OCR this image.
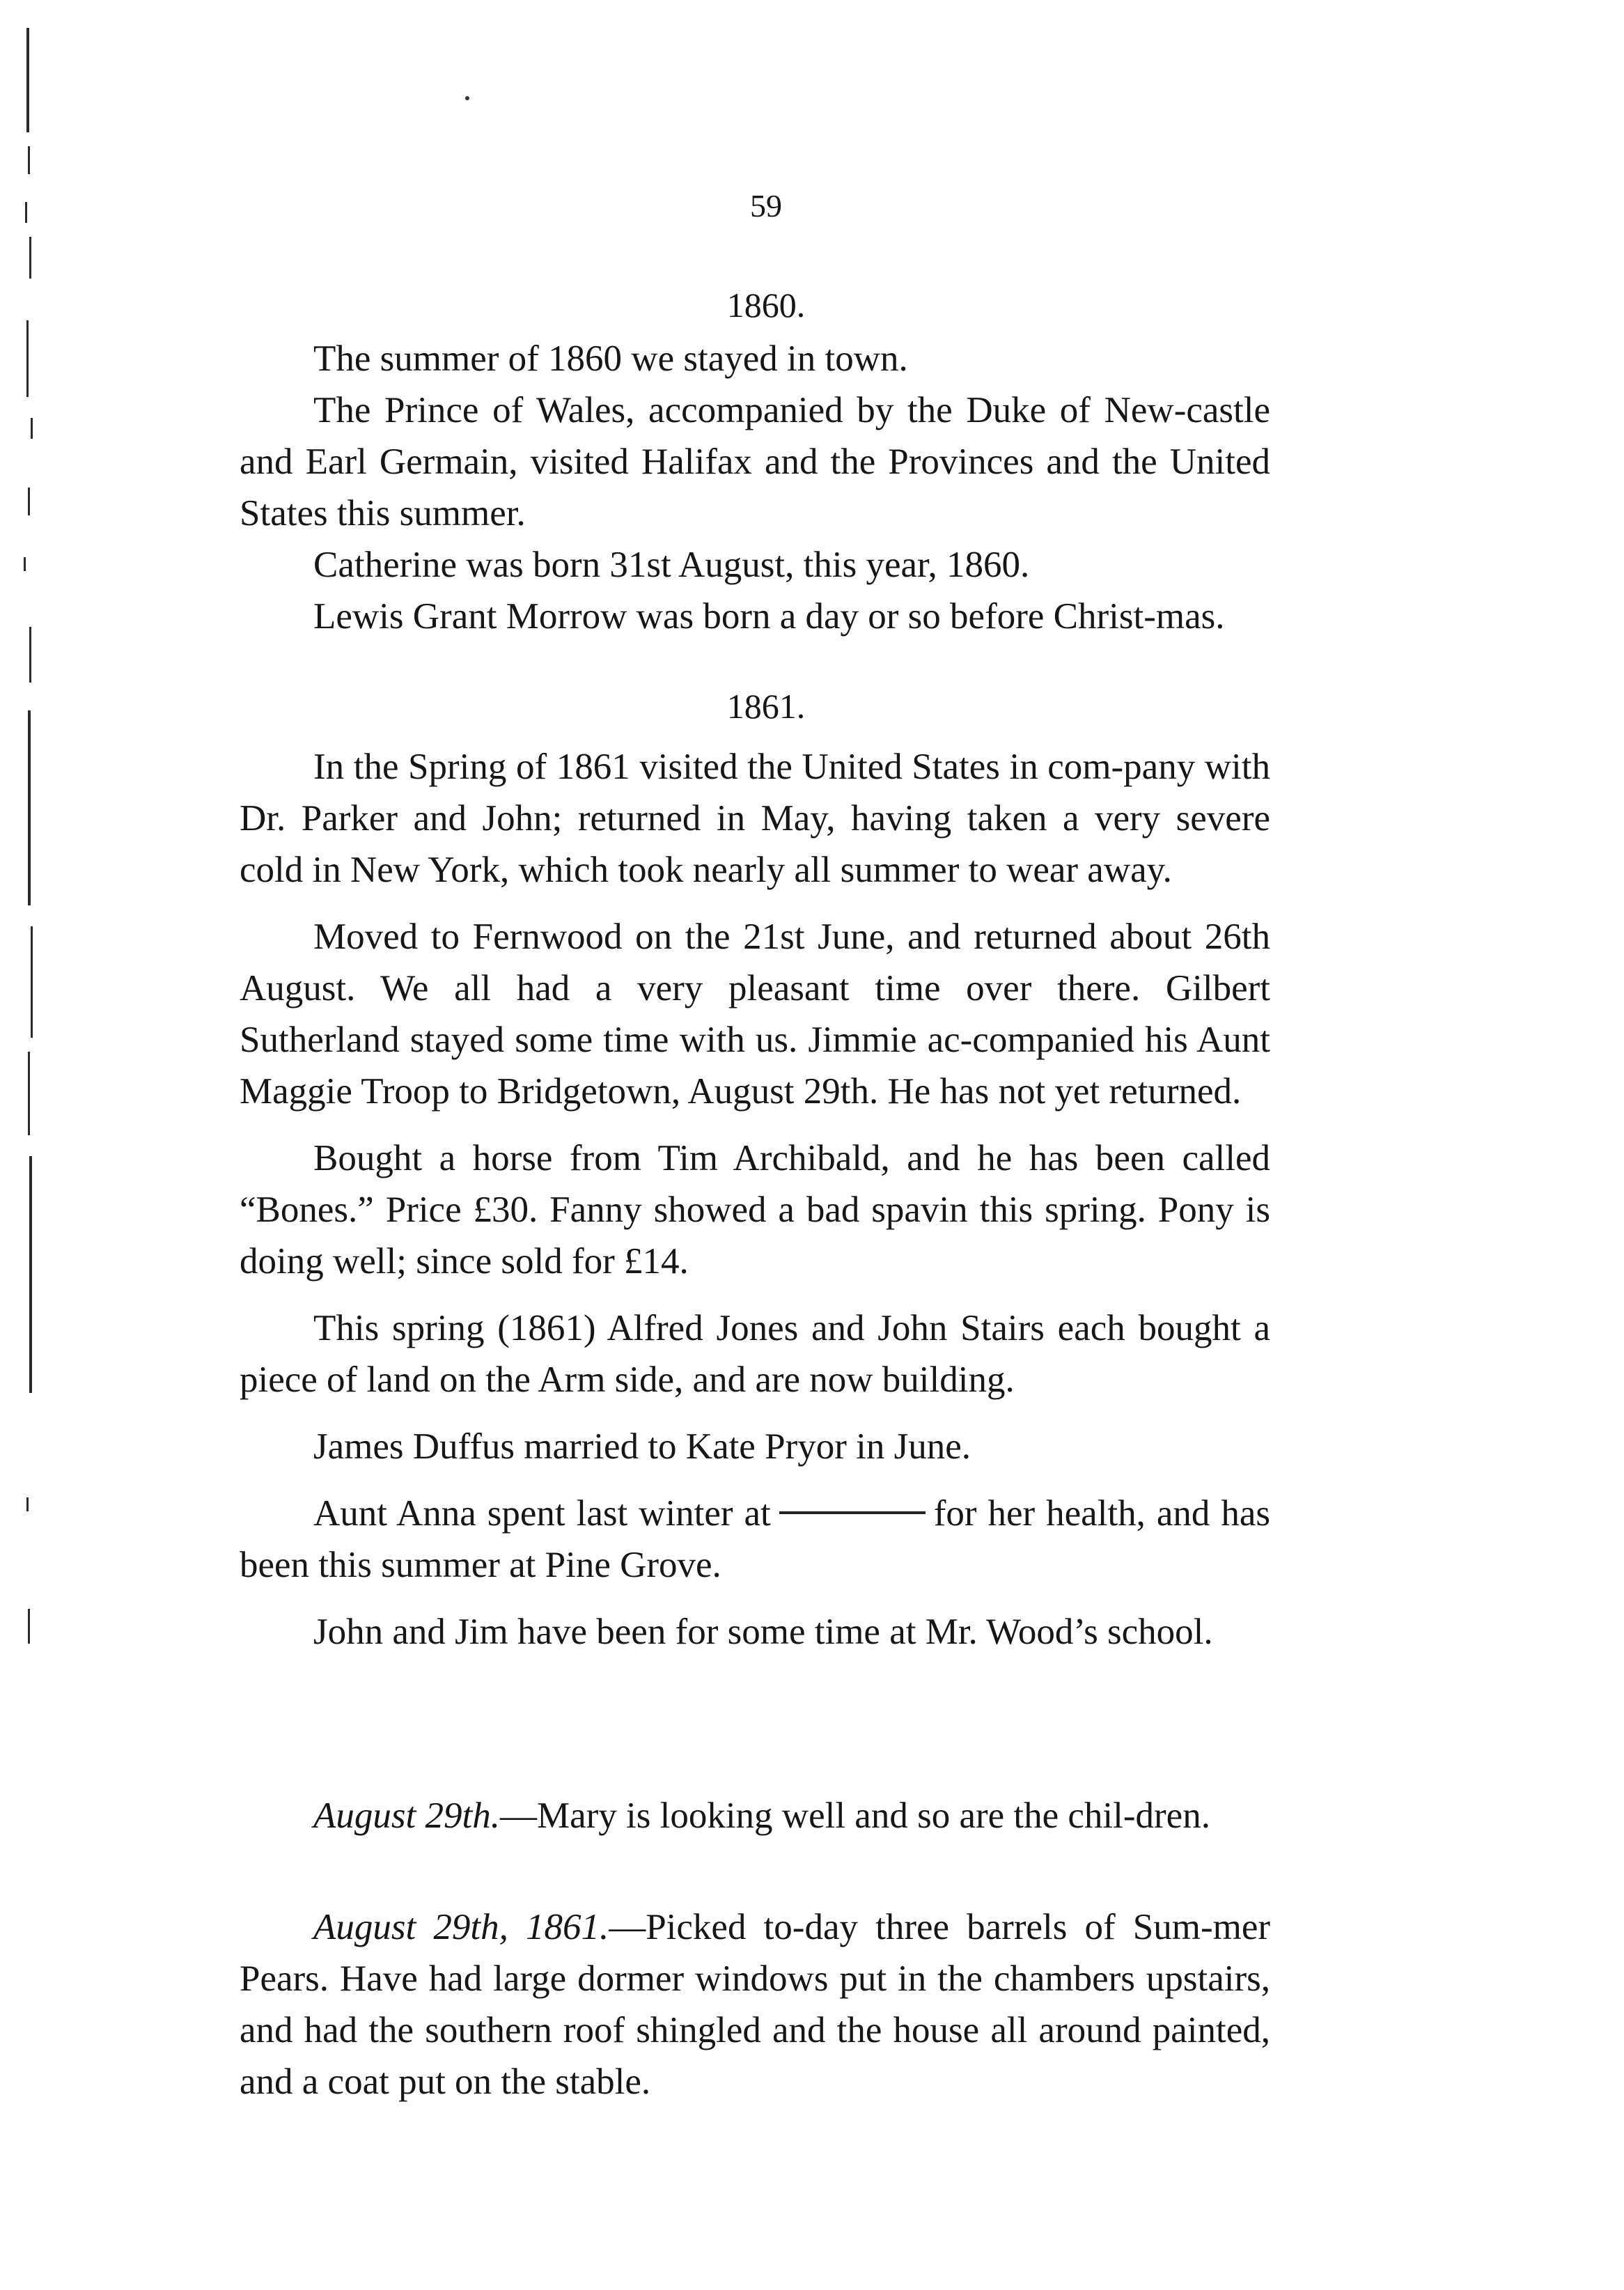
59
1860.

The summer of 1860 we stayed in town.

The Prince of Wales, accompanied by the Duke of New-castle and Earl Germain, visited Halifax and the Provinces and the United States this summer.

Catherine was born 31st August, this year, 1860.

Lewis Grant Morrow was born a day or so before Christ-mas.

1861.

In the Spring of 1861 visited the United States in com-pany with Dr. Parker and John; returned in May, having taken a very severe cold in New York, which took nearly all summer to wear away.

Moved to Fernwood on the 21st June, and returned about 26th August. We all had a very pleasant time over there. Gilbert Sutherland stayed some time with us. Jimmie ac-companied his Aunt Maggie Troop to Bridgetown, August 29th. He has not yet returned.

Bought a horse from Tim Archibald, and he has been called “Bones.” Price £30. Fanny showed a bad spavin this spring. Pony is doing well; since sold for £14.

This spring (1861) Alfred Jones and John Stairs each bought a piece of land on the Arm side, and are now building.

James Duffus married to Kate Pryor in June.

Aunt Anna spent last winter at	for her health, and has been this summer at Pine Grove.

John and Jim have been for some time at Mr. Wood’s school.

August 29th.—Mary is looking well and so are the chil-dren.

August 29th, 1861.—Picked to-day three barrels of Sum-mer Pears. Have had large dormer windows put in the chambers upstairs, and had the southern roof shingled and the house all around painted, and a coat put on the stable.
